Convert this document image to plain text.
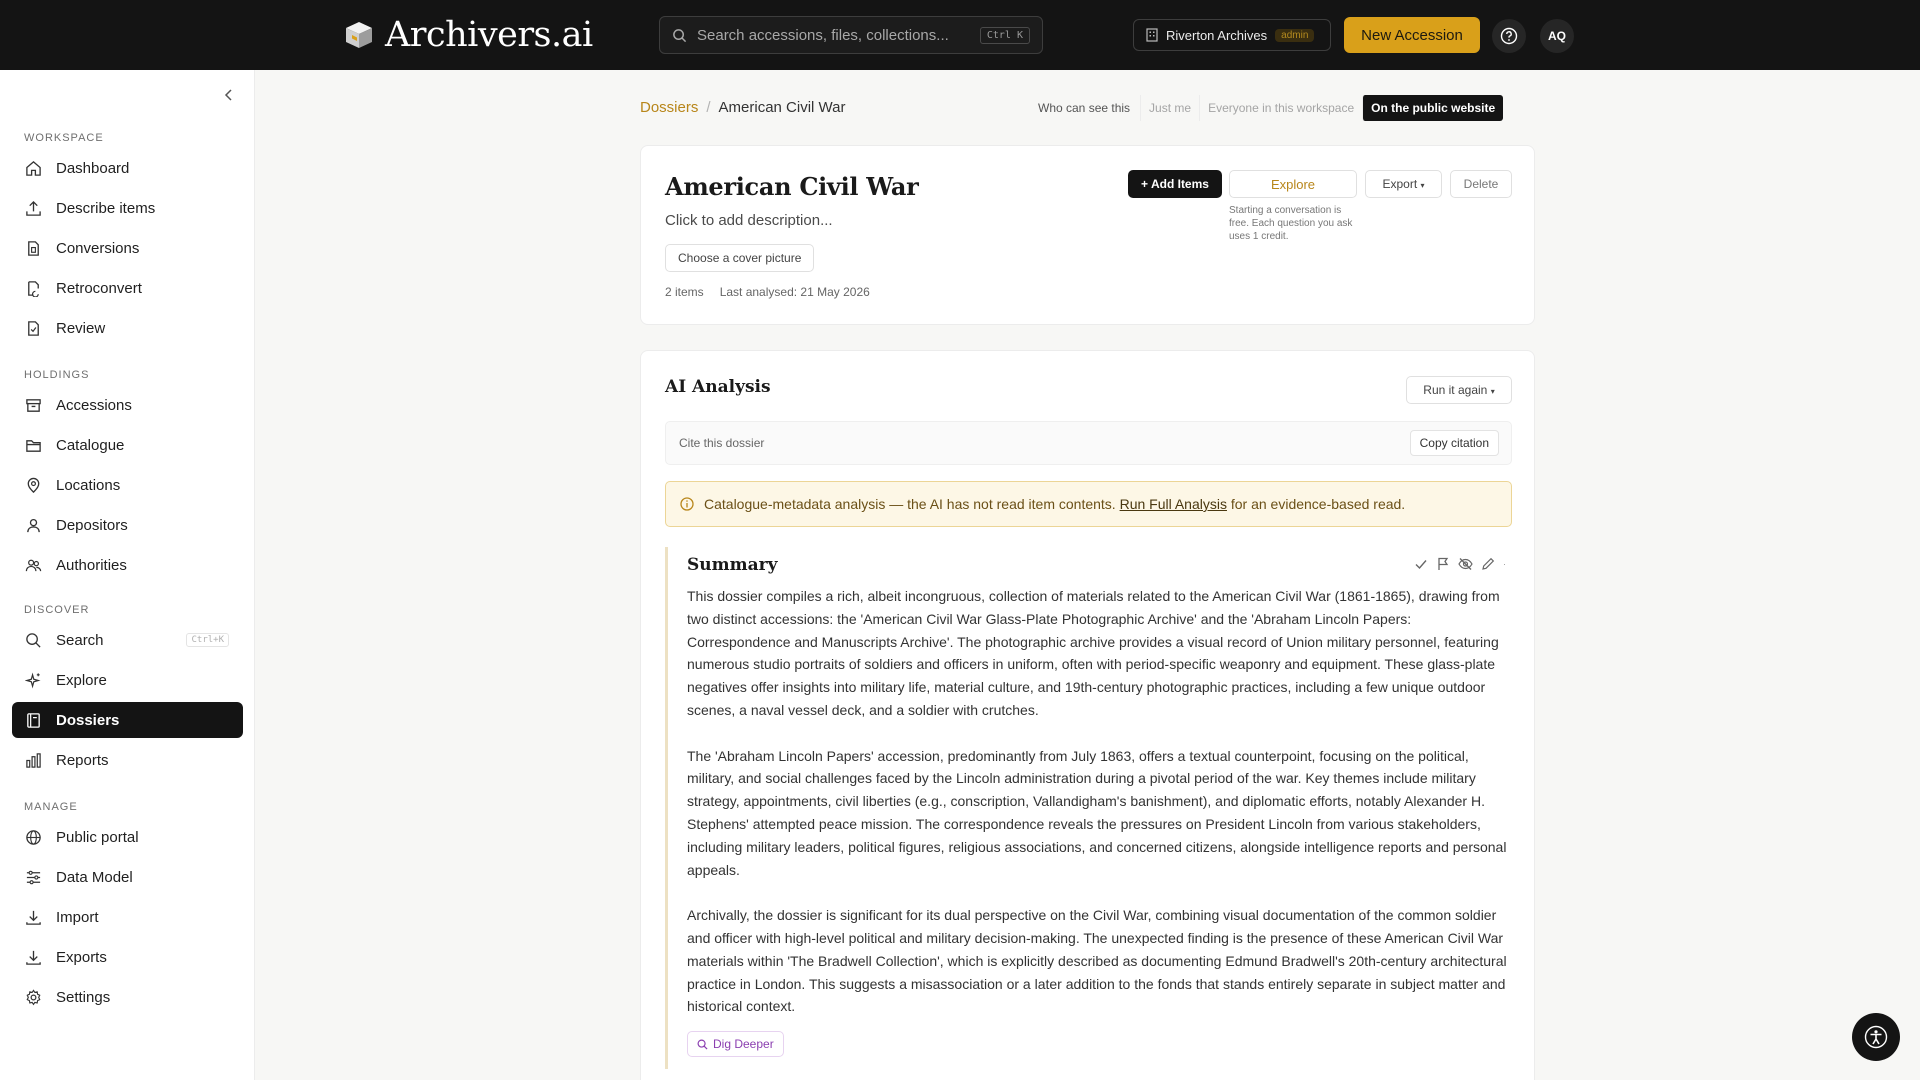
Archivers.ai
Search accessions, files, collections...	Ctrl K	Riverton Archives	admin	New Accession	AQ
WORKSPACE
HOLDINGS
DISCOVER
MANAGE
Dashboard
Describe items
Conversions
Retroconvert
Review
Accessions
Catalogue
Locations
Depositors
Authorities
Search	Ctrl+K
Explore
Dossiers
Reports
Public portal
Data Model
Import
Exports
Settings
Dossiers / American Civil War	Who can see this	Just me	Everyone in this workspace	On the public website
American Civil War
Click to add description...
Choose a cover picture
2 items Last analysed: 21 May 2026
+ Add Items	Explore
Starting a conversation is free. Each question you ask uses 1 credit.
Export ▾	Delete
AI Analysis	Run it again ▾
Cite this dossier	Copy citation
Catalogue-metadata analysis — the AI has not read item contents. Run Full Analysis for an evidence-based read.
Summary	·

This dossier compiles a rich, albeit incongruous, collection of materials related to the American Civil War (1861-1865), drawing from two distinct accessions: the 'American Civil War Glass-Plate Photographic Archive' and the 'Abraham Lincoln Papers: Correspondence and Manuscripts Archive'. The photographic archive provides a visual record of Union military personnel, featuring numerous studio portraits of soldiers and officers in uniform, often with period-specific weaponry and equipment. These glass-plate negatives offer insights into military life, material culture, and 19th-century photographic practices, including a few unique outdoor scenes, a naval vessel deck, and a soldier with crutches.

The 'Abraham Lincoln Papers' accession, predominantly from July 1863, offers a textual counterpoint, focusing on the political, military, and social challenges faced by the Lincoln administration during a pivotal period of the war. Key themes include military strategy, appointments, civil liberties (e.g., conscription, Vallandigham's banishment), and diplomatic efforts, notably Alexander H. Stephens' attempted peace mission. The correspondence reveals the pressures on President Lincoln from various stakeholders, including military leaders, political figures, religious associations, and concerned citizens, alongside intelligence reports and personal appeals.

Archivally, the dossier is significant for its dual perspective on the Civil War, combining visual documentation of the common soldier and officer with high-level political and military decision-making. The unexpected finding is the presence of these American Civil War materials within 'The Bradwell Collection', which is explicitly described as documenting Edmund Bradwell's 20th-century architectural practice in London. This suggests a misassociation or a later addition to the fonds that stands entirely separate in subject matter and historical context.

Dig Deeper
